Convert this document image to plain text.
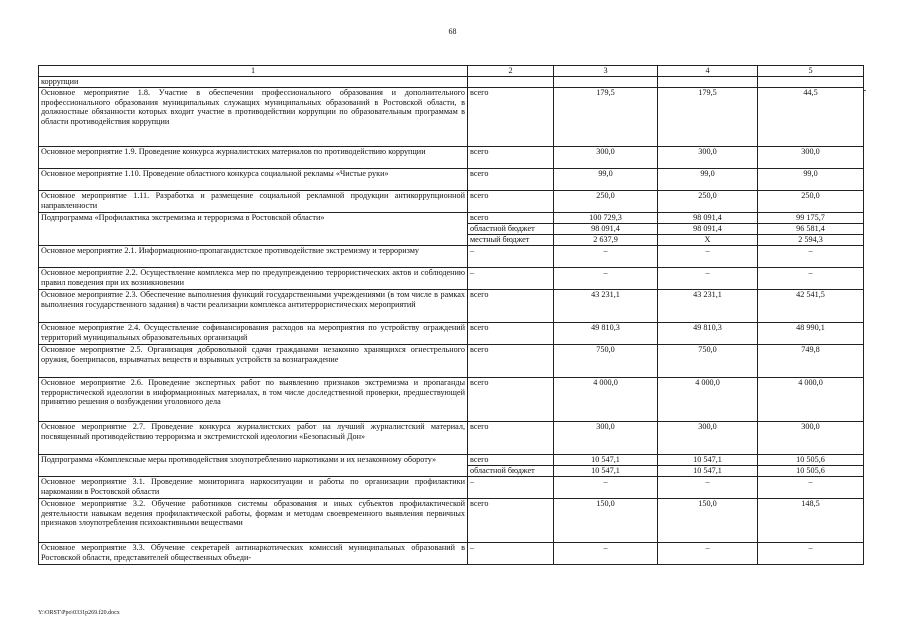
68
1	2	3	4	5
коррупции				
Основное мероприятие 1.8. Участие в обеспечении профессионального образования и дополнительного профессионального образования муниципальных служащих муниципальных образований в Ростовской области, в должностные обязанности которых входит участие в противодействии коррупции по образовательным программам в области противодействия коррупции	всего	179,5	179,5	44,5
Основное мероприятие 1.9. Проведение конкурса журналистских материалов по противодействию коррупции	всего	300,0	300,0	300,0
Основное мероприятие 1.10. Проведение областного конкурса социальной рекламы «Чистые руки»	всего	99,0	99,0	99,0
Основное мероприятие 1.11. Разработка и размещение социальной рекламной продукции антикоррупционной направленности	всего	250,0	250,0	250,0
Подпрограмма «Профилактика экстремизма и терроризма в Ростовской области»	всего	100 729,3	98 091,4	99 175,7
	областной бюджет	98 091,4	98 091,4	96 581,4
	местный бюджет	2 637,9	Х	2 594,3
Основное мероприятие 2.1. Информационно-пропагандистское противодействие экстремизму и терроризму	–	–	–	–
Основное мероприятие 2.2. Осуществление комплекса мер по предупреждению террористических актов и соблюдению правил поведения при их возникновении	–	–	–	–
Основное мероприятие 2.3. Обеспечение выполнения функций государственными учреждениями (в том числе в рамках выполнения государственного задания) в части реализации комплекса антитеррористических мероприятий	всего	43 231,1	43 231,1	42 541,5
Основное мероприятие 2.4. Осуществление софинансирования расходов на мероприятия по устройству ограждений территорий муниципальных образовательных организаций	всего	49 810,3	49 810,3	48 990,1
Основное мероприятие 2.5. Организация добровольной сдачи гражданами незаконно хранящихся огнестрельного оружия, боеприпасов, взрывчатых веществ и взрывных устройств за вознаграждение	всего	750,0	750,0	749,8
Основное мероприятие 2.6. Проведение экспертных работ по выявлению признаков экстремизма и пропаганды террористической идеологии в информационных материалах, в том числе доследственной проверки, предшествующей принятию решения о возбуждении уголовного дела	всего	4 000,0	4 000,0	4 000,0
Основное мероприятие 2.7. Проведение конкурса журналистских работ на лучший журналистский материал, посвященный противодействию терроризма и экстремистской идеологии «Безопасный Дон»	всего	300,0	300,0	300,0
Подпрограмма «Комплексные меры противодействия злоупотреблению наркотиками и их незаконному обороту»	всего	10 547,1	10 547,1	10 505,6
	областной бюджет	10 547,1	10 547,1	10 505,6
Основное мероприятие 3.1. Проведение мониторинга наркоситуации и работы по организации профилактики наркомании в Ростовской области	–	–	–	–
Основное мероприятие 3.2. Обучение работников системы образования и иных субъектов профилактической деятельности навыкам ведения профилактической работы, формам и методам своевременного выявления первичных признаков злоупотребления психоактивными веществами	всего	150,0	150,0	148,5
Основное мероприятие 3.3. Обучение секретарей антинаркотических комиссий муниципальных образований в Ростовской области, представителей общественных объеди-	–	–	–	–
Y:\ORST\Ppo\0331p269.f20.docx
